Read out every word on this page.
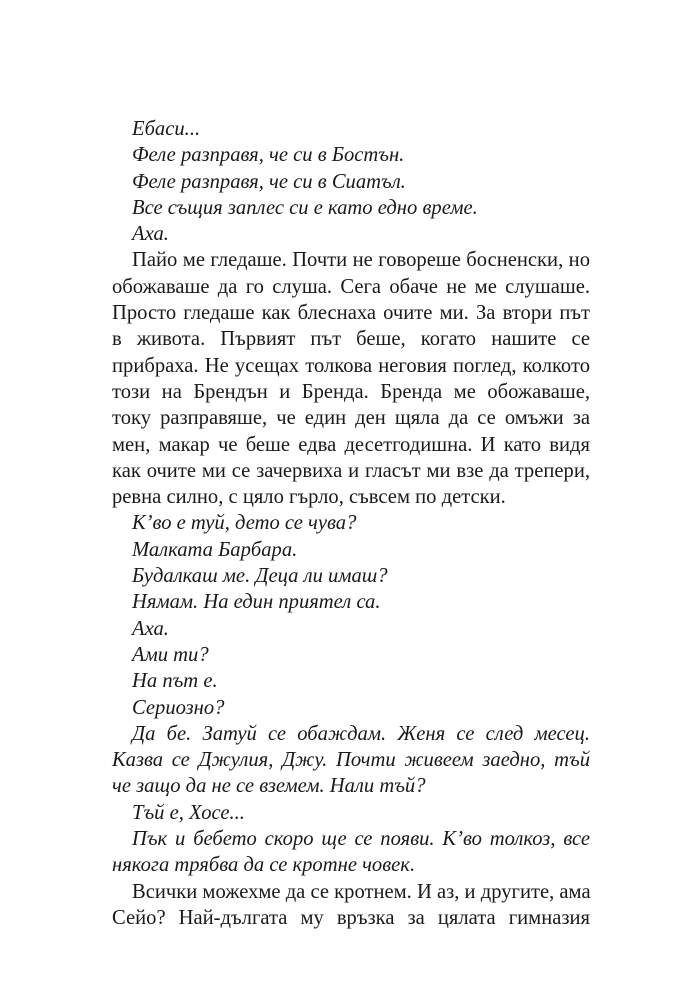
Ебаси...
Феле разправя, че си в Бостън.
Феле разправя, че си в Сиатъл.
Все същия заплес си е като едно време.
Аха.
Пайо ме гледаше. Почти не говореше босненски, но
обожаваше да го слуша. Сега обаче не ме слушаше.
Просто гледаше как блеснаха очите ми. За втори път
в живота. Първият път беше, когато нашите се
прибраха. Не усещах толкова неговия поглед, колкото
този на Брендън и Бренда. Бренда ме обожаваше,
току разправяше, че един ден щяла да се омъжи за
мен, макар че беше едва десетгодишна. И като видя
как очите ми се зачервиха и гласът ми взе да трепери,
ревна силно, с цяло гърло, съвсем по детски.
К’во е туй, дето се чува?
Малката Барбара.
Будалкаш ме. Деца ли имаш?
Нямам. На един приятел са.
Аха.
Ами ти?
На път е.
Сериозно?
Да бе. Затуй се обаждам. Женя се след месец.
Казва се Джулия, Джу. Почти живеем заедно, тъй
че защо да не се вземем. Нали тъй?
Тъй е, Хосе...
Пък и бебето скоро ще се появи. К’во толкоз, все
някога трябва да се кротне човек.
Всички можехме да се кротнем. И аз, и другите, ама
Сейо? Най-дългата му връзка за цялата гимназия
